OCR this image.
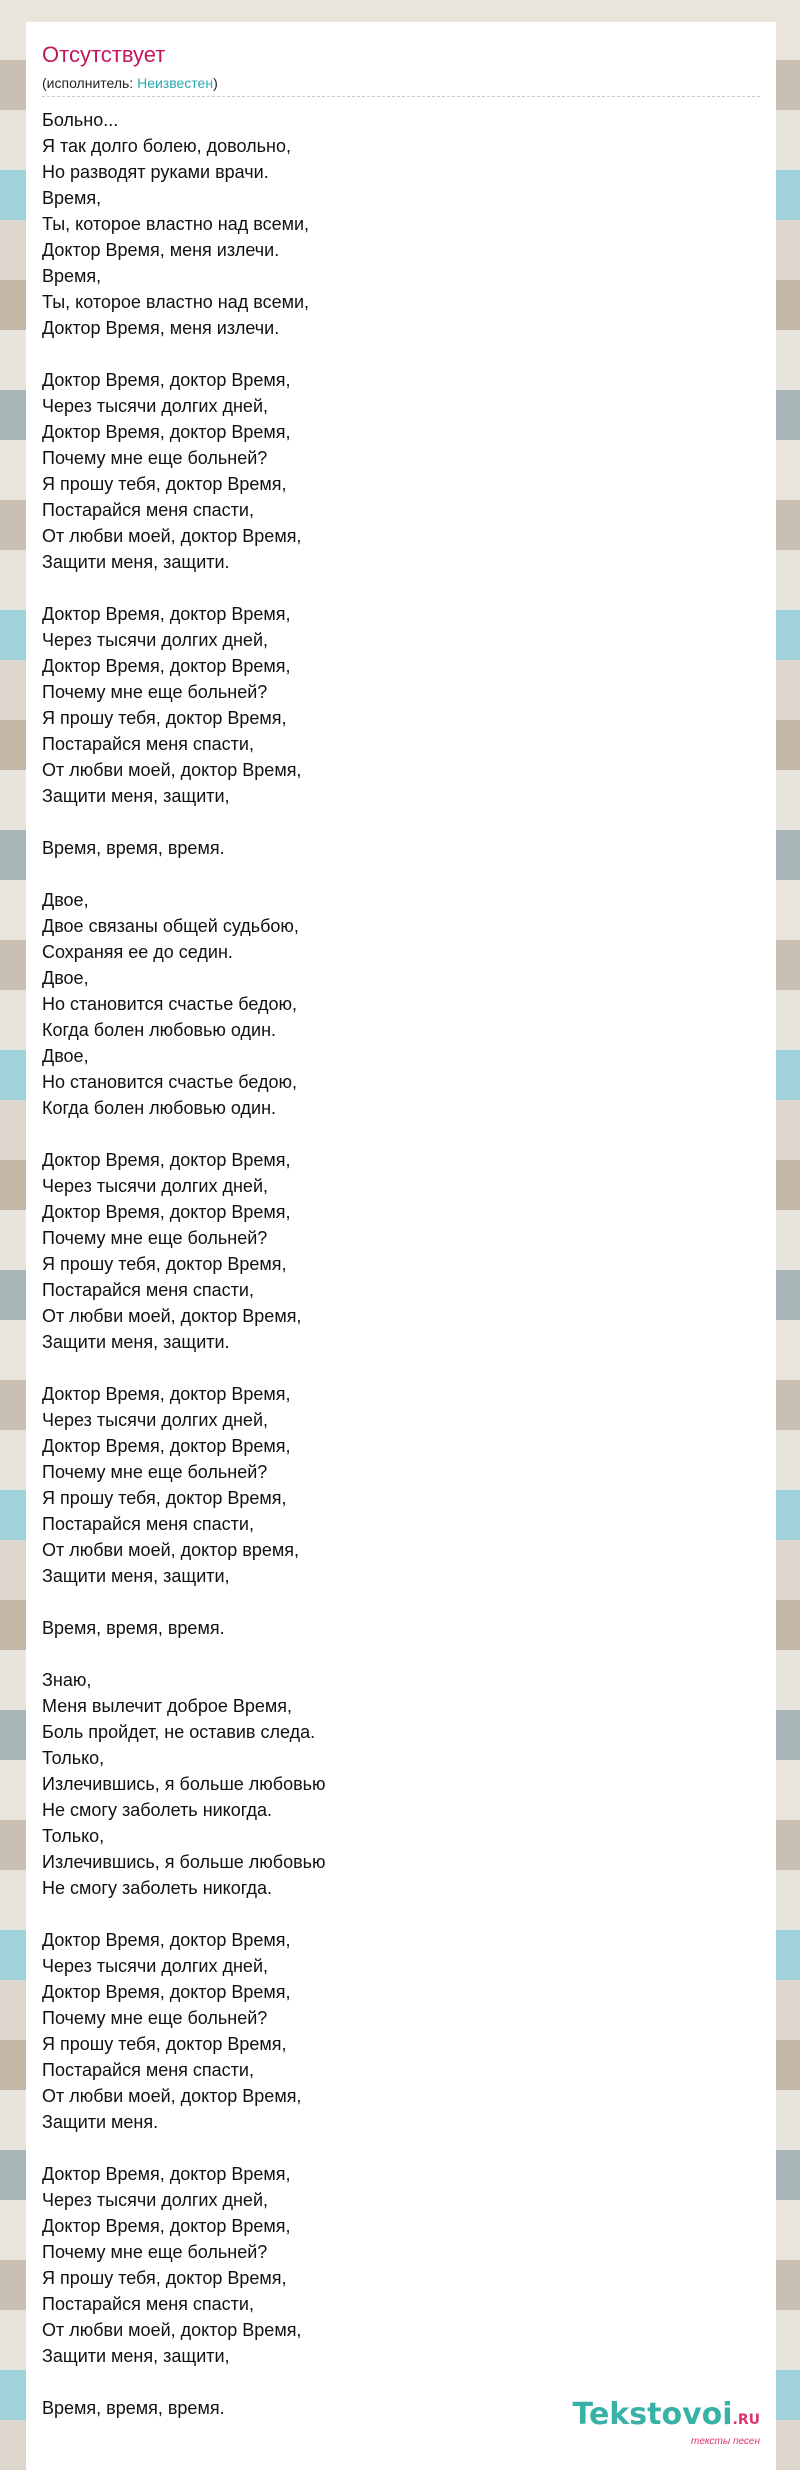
Отсутствует
(исполнитель: Неизвестен)
Больно...
Я так долго болею, довольно,
Но разводят руками врачи.
Время,
Ты, которое властно над всеми,
Доктор Время, меня излечи.
Время,
Ты, которое властно над всеми,
Доктор Время, меня излечи.
Доктор Время, доктор Время,
Через тысячи долгих дней,
Доктор Время, доктор Время,
Почему мне еще больней?
Я прошу тебя, доктор Время,
Постарайся меня спасти,
От любви моей, доктор Время,
Защити меня, защити.
Доктор Время, доктор Время,
Через тысячи долгих дней,
Доктор Время, доктор Время,
Почему мне еще больней?
Я прошу тебя, доктор Время,
Постарайся меня спасти,
От любви моей, доктор Время,
Защити меня, защити,
Время, время, время.
Двое,
Двое связаны общей судьбою,
Сохраняя ее до седин.
Двое,
Но становится счастье бедою,
Когда болен любовью один.
Двое,
Но становится счастье бедою,
Когда болен любовью один.
Доктор Время, доктор Время,
Через тысячи долгих дней,
Доктор Время, доктор Время,
Почему мне еще больней?
Я прошу тебя, доктор Время,
Постарайся меня спасти,
От любви моей, доктор Время,
Защити меня, защити.
Доктор Время, доктор Время,
Через тысячи долгих дней,
Доктор Время, доктор Время,
Почему мне еще больней?
Я прошу тебя, доктор Время,
Постарайся меня спасти,
От любви моей, доктор время,
Защити меня, защити,
Время, время, время.
Знаю,
Меня вылечит доброе Время,
Боль пройдет, не оставив следа.
Только,
Излечившись, я больше любовью
Не смогу заболеть никогда.
Только,
Излечившись, я больше любовью
Не смогу заболеть никогда.
Доктор Время, доктор Время,
Через тысячи долгих дней,
Доктор Время, доктор Время,
Почему мне еще больней?
Я прошу тебя, доктор Время,
Постарайся меня спасти,
От любви моей, доктор Время,
Защити меня.
Доктор Время, доктор Время,
Через тысячи долгих дней,
Доктор Время, доктор Время,
Почему мне еще больней?
Я прошу тебя, доктор Время,
Постарайся меня спасти,
От любви моей, доктор Время,
Защити меня, защити,
Время, время, время.	Tekstovoi.RU
тексты песен
